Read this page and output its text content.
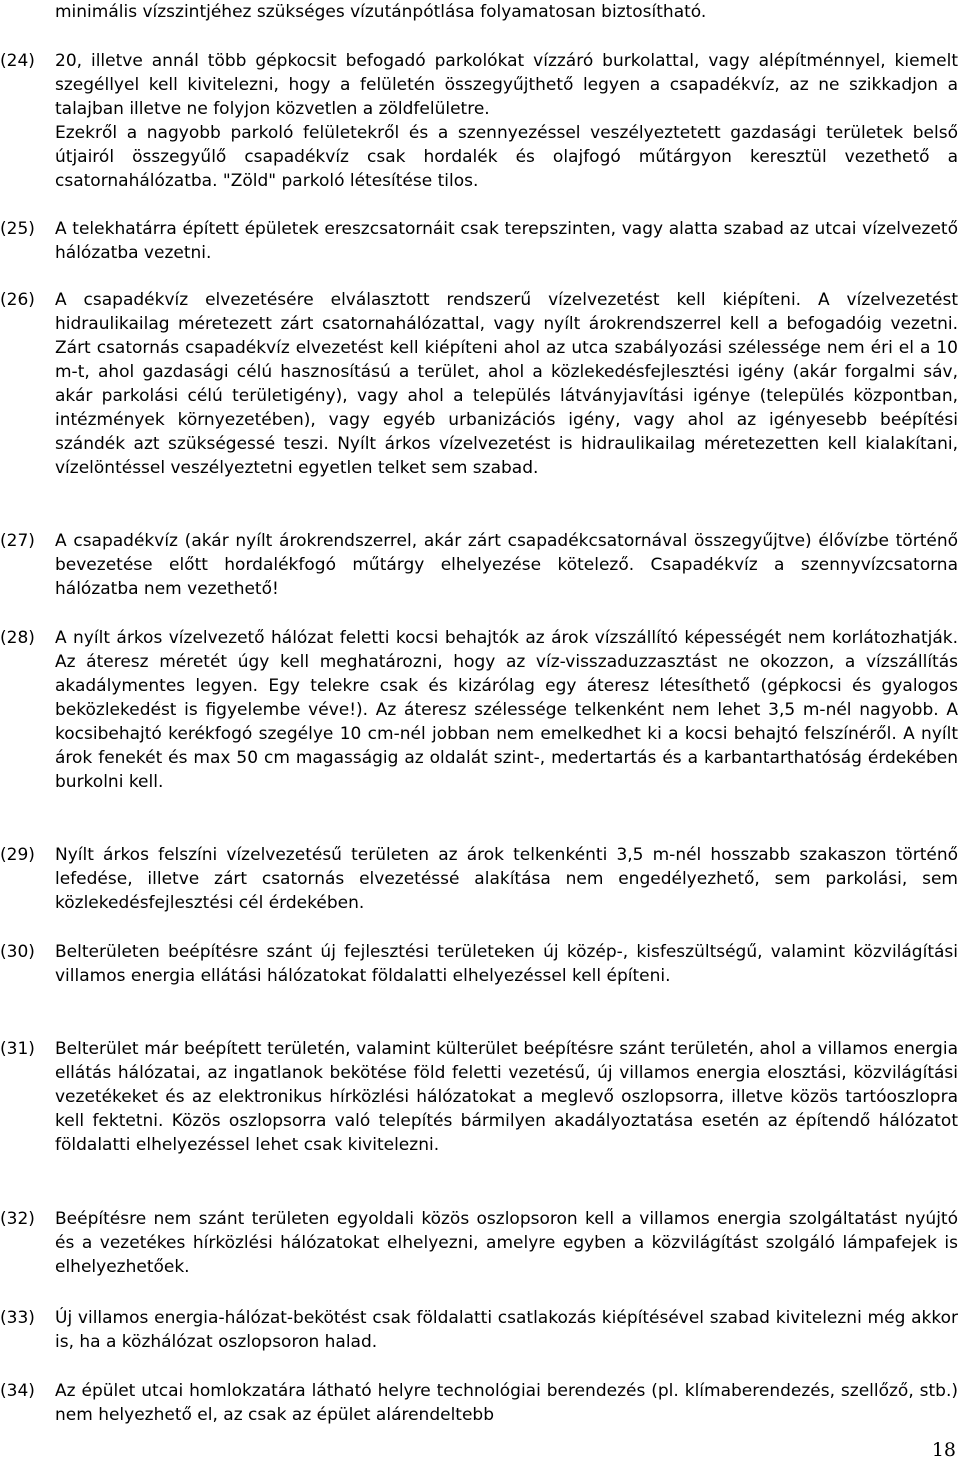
minimális vízszintjéhez szükséges vízutánpótlása folyamatosan biztosítható.

(24)	20, illetve annál több gépkocsit befogadó parkolókat vízzáró burkolattal, vagy alépítménnyel, kiemelt szegéllyel kell kivitelezni, hogy a felületén összegyűjthető legyen a csapadékvíz, az ne szikkadjon a talajban illetve ne folyjon közvetlen a zöldfelületre.

Ezekről a nagyobb parkoló felületekről és a szennyezéssel veszélyeztetett gazdasági területek belső útjairól összegyűlő csapadékvíz csak hordalék és olajfogó műtárgyon keresztül vezethető a csatornahálózatba. "Zöld" parkoló létesítése tilos.

(25)	A telekhatárra épített épületek ereszcsatornáit csak terepszinten, vagy alatta szabad az utcai vízelvezető hálózatba vezetni.

(26)	A csapadékvíz elvezetésére elválasztott rendszerű vízelvezetést kell kiépíteni. A vízelvezetést hidraulikailag méretezett zárt csatornahálózattal, vagy nyílt árokrendszerrel kell a befogadóig vezetni. Zárt csatornás csapadékvíz elvezetést kell kiépíteni ahol az utca szabályozási szélessége nem éri el a 10 m-t, ahol gazdasági célú hasznosítású a terület, ahol a közlekedésfejlesztési igény (akár forgalmi sáv, akár parkolási célú területigény), vagy ahol a település látványjavítási igénye (település központban, intézmények környezetében), vagy egyéb urbanizációs igény, vagy ahol az igényesebb beépítési szándék azt szükségessé teszi. Nyílt árkos vízelvezetést is hidraulikailag méretezetten kell kialakítani, vízelöntéssel veszélyeztetni egyetlen telket sem szabad.

(27)	A csapadékvíz (akár nyílt árokrendszerrel, akár zárt csapadékcsatornával összegyűjtve) élővízbe történő bevezetése előtt hordalékfogó műtárgy elhelyezése kötelező. Csapadékvíz a szennyvízcsatorna hálózatba nem vezethető!

(28)	A nyílt árkos vízelvezető hálózat feletti kocsi behajtók az árok vízszállító képességét nem korlátozhatják. Az áteresz méretét úgy kell meghatározni, hogy az víz-visszaduzzasztást ne okozzon, a vízszállítás akadálymentes legyen. Egy telekre csak és kizárólag egy áteresz létesíthető (gépkocsi és gyalogos beközlekedést is figyelembe véve!). Az áteresz szélessége telkenként nem lehet 3,5 m-nél nagyobb. A kocsibehajtó kerékfogó szegélye 10 cm-nél jobban nem emelkedhet ki a kocsi behajtó felszínéről. A nyílt árok fenekét és max 50 cm magasságig az oldalát szint-, medertartás és a karbantarthatóság érdekében burkolni kell.

(29)	Nyílt árkos felszíni vízelvezetésű területen az árok telkenkénti 3,5 m-nél hosszabb szakaszon történő lefedése, illetve zárt csatornás elvezetéssé alakítása nem engedélyezhető, sem parkolási, sem közlekedésfejlesztési cél érdekében.

(30)	Belterületen beépítésre szánt új fejlesztési területeken új közép-, kisfeszültségű, valamint közvilágítási villamos energia ellátási hálózatokat földalatti elhelyezéssel kell építeni.

(31)	Belterület már beépített területén, valamint külterület beépítésre szánt területén, ahol a villamos energia ellátás hálózatai, az ingatlanok bekötése föld feletti vezetésű, új villamos energia elosztási, közvilágítási vezetékeket és az elektronikus hírközlési hálózatokat a meglevő oszlopsorra, illetve közös tartóoszlopra kell fektetni. Közös oszlopsorra való telepítés bármilyen akadályoztatása esetén az építendő hálózatot földalatti elhelyezéssel lehet csak kivitelezni.

(32)	Beépítésre nem szánt területen egyoldali közös oszlopsoron kell a villamos energia szolgáltatást nyújtó és a vezetékes hírközlési hálózatokat elhelyezni, amelyre egyben a közvilágítást szolgáló lámpafejek is elhelyezhetőek.

(33)	Új villamos energia-hálózat-bekötést csak földalatti csatlakozás kiépítésével szabad kivitelezni még akkor is, ha a közhálózat oszlopsoron halad.

(34)	Az épület utcai homlokzatára látható helyre technológiai berendezés (pl. klímaberendezés, szellőző, stb.) nem helyezhető el, az csak az épület alárendeltebb

18
